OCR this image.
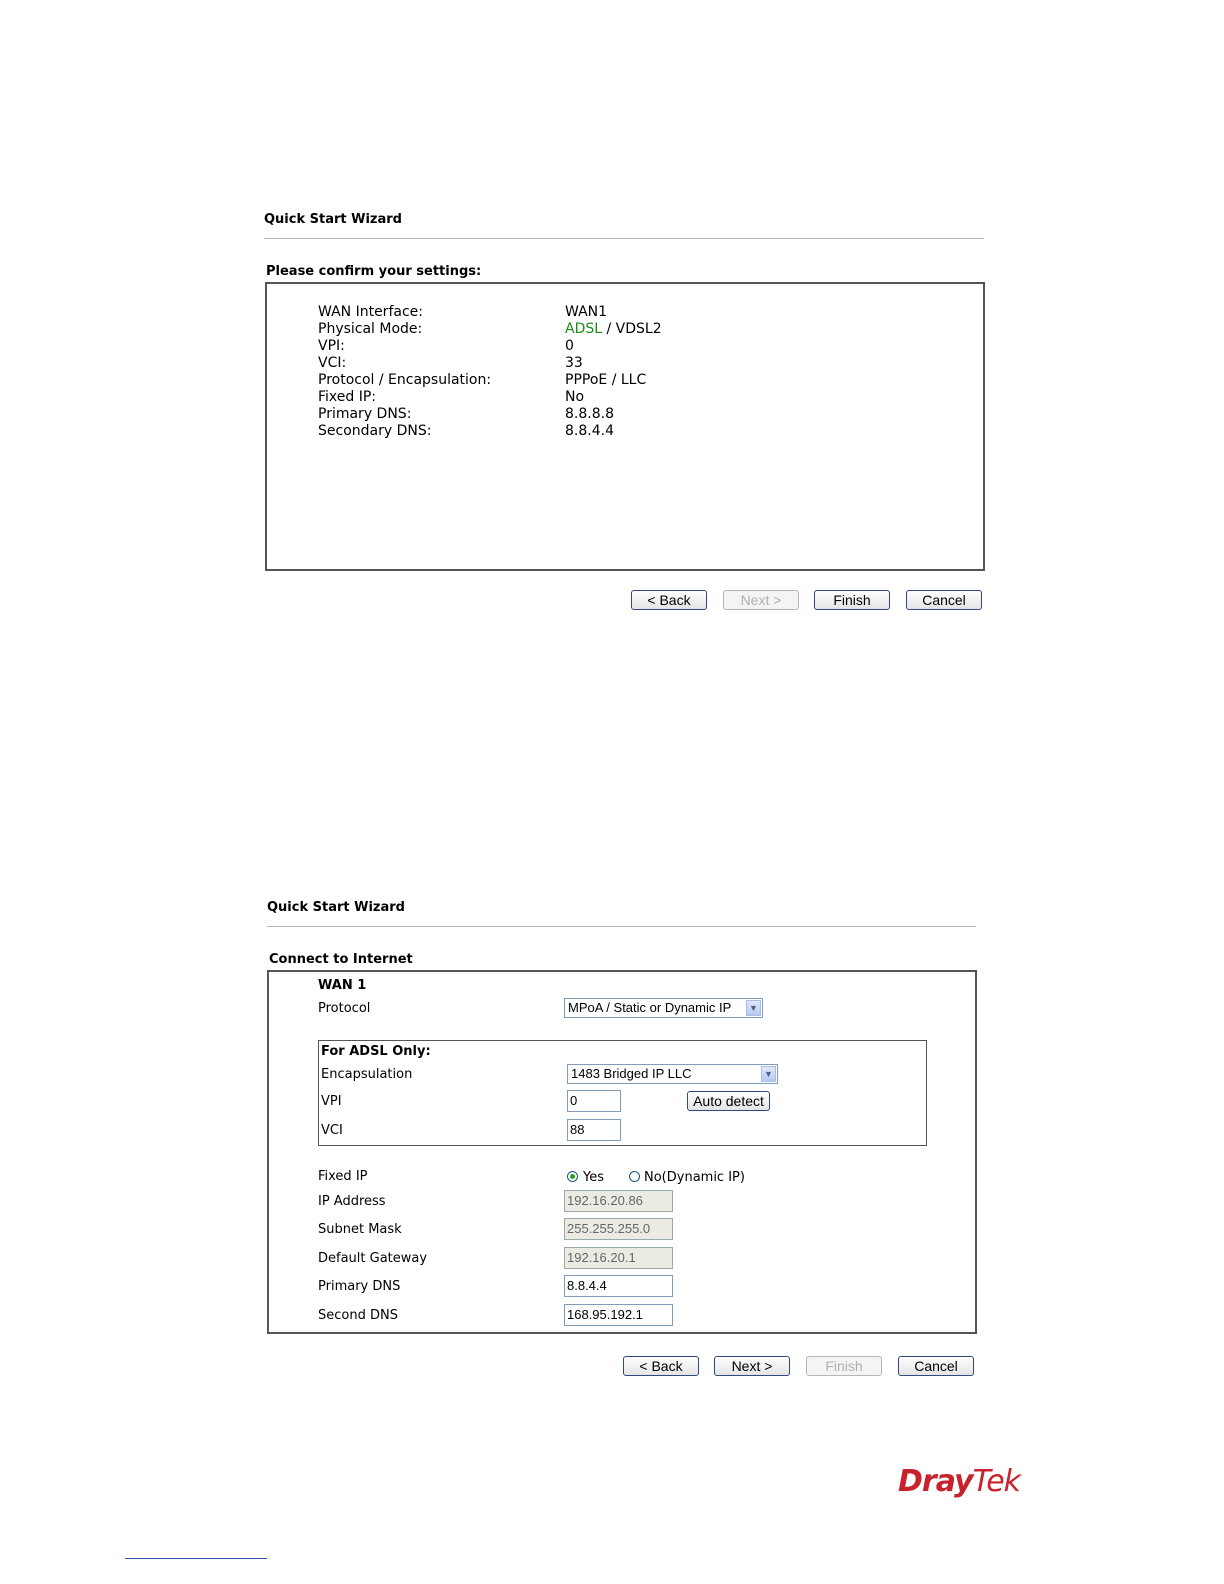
Quick Start Wizard
Please confirm your settings:
WAN Interface:	WAN1
Physical Mode:	ADSL / VDSL2
VPI:	0
VCI:	33
Protocol / Encapsulation:	PPPoE / LLC
Fixed IP:	No
Primary DNS:	8.8.8.8
Secondary DNS:	8.8.4.4
< Back	Next >	Finish	Cancel
Quick Start Wizard
Connect to Internet
WAN 1
Protocol	MPoA / Static or Dynamic IP	▼
For ADSL Only:
Encapsulation	1483 Bridged IP LLC	▼
VPI	0	Auto detect
VCI	88
Fixed IP	Yes	No(Dynamic IP)
IP Address	192.16.20.86
Subnet Mask	255.255.255.0
Default Gateway	192.16.20.1
Primary DNS	8.8.4.4
Second DNS	168.95.192.1
< Back	Next >	Finish	Cancel
DrayTek
